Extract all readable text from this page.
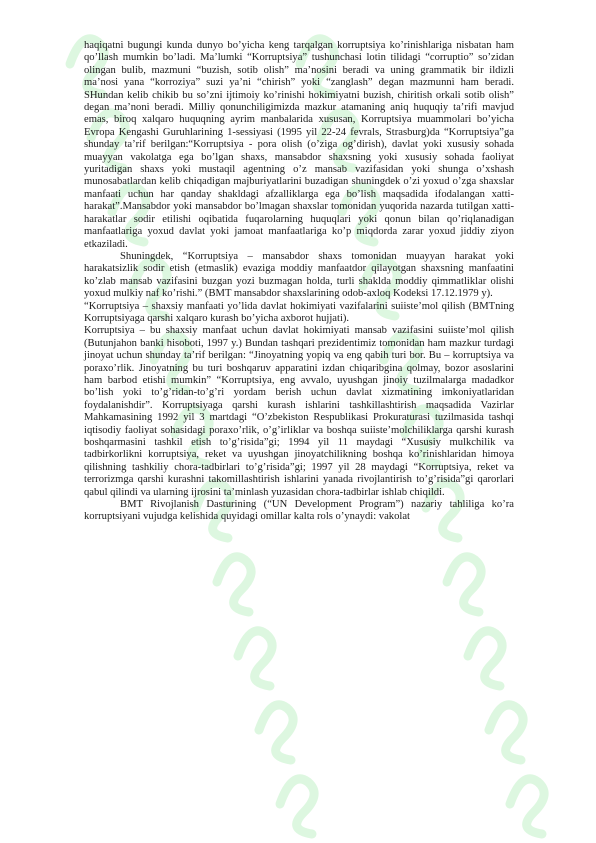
haqiqatni bugungi kunda dunyo bo’yicha keng tarqalgan korruptsiya ko’rinishlariga nisbatan ham qo’llash mumkin bo’ladi. Ma’lumki “Korruptsiya” tushunchasi lotin tilidagi “corruptio” so’zidan olingan bulib, mazmuni “buzish, sotib olish” ma’nosini beradi va uning grammatik bir ildizli ma’nosi yana “korroziya” suzi ya’ni “chirish” yoki “zanglash” degan mazmunni ham beradi. SHundan kelib chikib bu so’zni ijtimoiy ko’rinishi hokimiyatni buzish, chiritish orkali sotib olish” degan ma’noni beradi. Milliy qonunchiligimizda mazkur atamaning aniq huquqiy ta’rifi mavjud emas, biroq xalqaro huquqning ayrim manbalarida xususan, Korruptsiya muammolari bo’yicha Evropa Kengashi Guruhlarining 1-sessiyasi (1995 yil 22-24 fevrals, Strasburg)da “Korruptsiya”ga shunday ta’rif berilgan:“Korruptsiya - pora olish (o’ziga og’dirish), davlat yoki xususiy sohada muayyan vakolatga ega bo’lgan shaxs, mansabdor shaxsning yoki xususiy sohada faoliyat yuritadigan shaxs yoki mustaqil agentning o’z mansab vazifasidan yoki shunga o’xshash munosabatlardan kelib chiqadigan majburiyatlarini buzadigan shuningdek o’zi yoxud o’zga shaxslar manfaati uchun har qanday shakldagi afzalliklarga ega bo’lish maqsadida ifodalangan xatti-harakat”.Mansabdor yoki mansabdor bo’lmagan shaxslar tomonidan yuqorida nazarda tutilgan xatti-harakatlar sodir etilishi oqibatida fuqarolarning huquqlari yoki qonun bilan qo’riqlanadigan manfaatlariga yoxud davlat yoki jamoat manfaatlariga ko’p miqdorda zarar yoxud jiddiy ziyon etkaziladi.

Shuningdek, “Korruptsiya – mansabdor shaxs tomonidan muayyan harakat yoki harakatsizlik sodir etish (etmaslik) evaziga moddiy manfaatdor qilayotgan shaxsning manfaatini ko’zlab mansab vazifasini buzgan yozi buzmagan holda, turli shaklda moddiy qimmatliklar olishi yoxud mulkiy naf ko’rishi.” (BMT mansabdor shaxslarining odob-axloq Kodeksi 17.12.1979 y).

“Korruptsiya – shaxsiy manfaati yo’lida davlat hokimiyati vazifalarini suiiste’mol qilish (BMTning Korruptsiyaga qarshi xalqaro kurash bo’yicha axborot hujjati).

Korruptsiya – bu shaxsiy manfaat uchun davlat hokimiyati mansab vazifasini suiiste’mol qilish (Butunjahon banki hisoboti, 1997 y.) Bundan tashqari prezidentimiz tomonidan ham mazkur turdagi jinoyat uchun shunday ta’rif berilgan: “Jinoyatning yopiq va eng qabih turi bor. Bu – korruptsiya va poraxo’rlik. Jinoyatning bu turi boshqaruv apparatini izdan chiqaribgina qolmay, bozor asoslarini ham barbod etishi mumkin” “Korruptsiya, eng avvalo, uyushgan jinoiy tuzilmalarga madadkor bo’lish yoki to’g’ridan-to’g’ri yordam berish uchun davlat xizmatining imkoniyatlaridan foydalanishdir”. Korruptsiyaga qarshi kurash ishlarini tashkillashtirish maqsadida Vazirlar Mahkamasining 1992 yil 3 martdagi “O’zbekiston Respublikasi Prokuraturasi tuzilmasida tashqi iqtisodiy faoliyat sohasidagi poraxo’rlik, o’g’irliklar va boshqa suiiste’molchiliklarga qarshi kurash boshqarmasini tashkil etish to’g’risida”gi; 1994 yil 11 maydagi “Xususiy mulkchilik va tadbirkorlikni korruptsiya, reket va uyushgan jinoyatchilikning boshqa ko’rinishlaridan himoya qilishning tashkiliy chora-tadbirlari to’g’risida”gi; 1997 yil 28 maydagi “Korruptsiya, reket va terrorizmga qarshi kurashni takomillashtirish ishlarini yanada rivojlantirish to’g’risida”gi qarorlari qabul qilindi va ularning ijrosini ta’minlash yuzasidan chora-tadbirlar ishlab chiqildi.

BMT Rivojlanish Dasturining (“UN Development Program”) nazariy tahliliga ko’ra korruptsiyani vujudga kelishida quyidagi omillar kalta rols o’ynaydi: vakolat
